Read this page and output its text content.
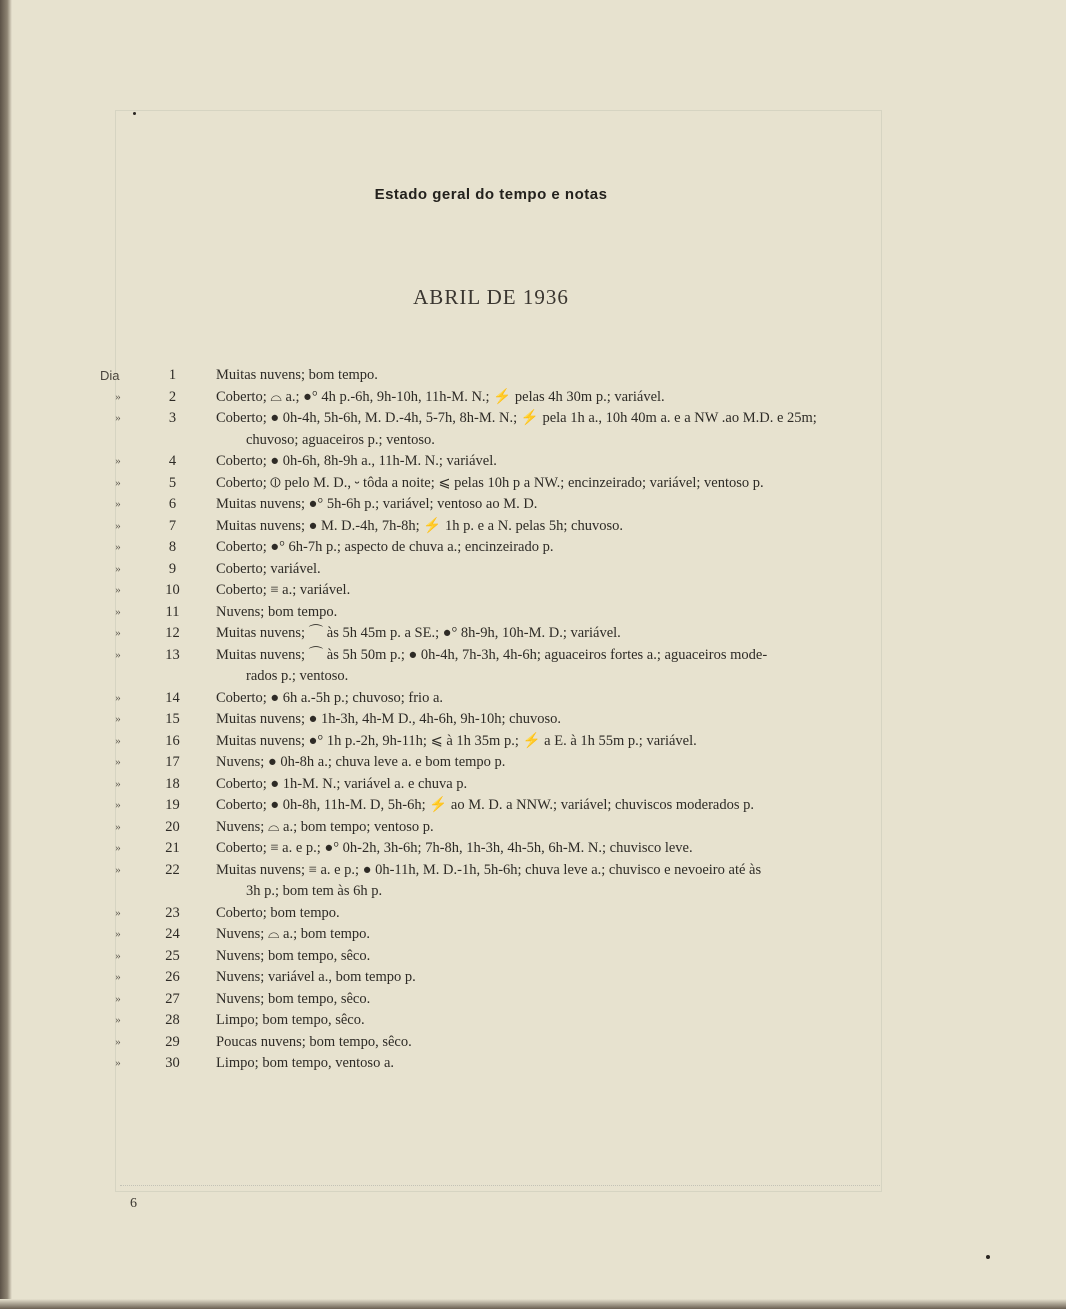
Estado geral do tempo e notas
ABRIL DE 1936
Dia	1	Muitas nuvens; bom tempo.
»	2	Coberto; ⌓ a.; ●° 4h p.-6h, 9h-10h, 11h-M. N.; ⚡ pelas 4h 30m p.; variável.
»	3	Coberto; ● 0h-4h, 5h-6h, M. D.-4h, 5-7h, 8h-M. N.; ⚡ pela 1h a., 10h 40m a. e a NW .ao M.D. e 25m;
chuvoso; aguaceiros p.; ventoso.
»	4	Coberto; ● 0h-6h, 8h-9h a., 11h-M. N.; variável.
»	5	Coberto; ⦶ pelo M. D., ⏑ tôda a noite; ⩽ pelas 10h p a NW.; encinzeirado; variável; ventoso p.
»	6	Muitas nuvens; ●° 5h-6h p.; variável; ventoso ao M. D.
»	7	Muitas nuvens; ● M. D.-4h, 7h-8h; ⚡ 1h p. e a N. pelas 5h; chuvoso.
»	8	Coberto; ●° 6h-7h p.; aspecto de chuva a.; encinzeirado p.
»	9	Coberto; variável.
»	10	Coberto; ≡ a.; variável.
»	11	Nuvens; bom tempo.
»	12	Muitas nuvens; ⌒ às 5h 45m p. a SE.; ●° 8h-9h, 10h-M. D.; variável.
»	13	Muitas nuvens; ⌒ às 5h 50m p.; ● 0h-4h, 7h-3h, 4h-6h; aguaceiros fortes a.; aguaceiros mode-
rados p.; ventoso.
»	14	Coberto; ● 6h a.-5h p.; chuvoso; frio a.
»	15	Muitas nuvens; ● 1h-3h, 4h-M D., 4h-6h, 9h-10h; chuvoso.
»	16	Muitas nuvens; ●° 1h p.-2h, 9h-11h; ⩽ à 1h 35m p.; ⚡ a E. à 1h 55m p.; variável.
»	17	Nuvens; ● 0h-8h a.; chuva leve a. e bom tempo p.
»	18	Coberto; ● 1h-M. N.; variável a. e chuva p.
»	19	Coberto; ● 0h-8h, 11h-M. D, 5h-6h; ⚡ ao M. D. a NNW.; variável; chuviscos moderados p.
»	20	Nuvens; ⌓ a.; bom tempo; ventoso p.
»	21	Coberto; ≡ a. e p.; ●° 0h-2h, 3h-6h; 7h-8h, 1h-3h, 4h-5h, 6h-M. N.; chuvisco leve.
»	22	Muitas nuvens; ≡ a. e p.; ● 0h-11h, M. D.-1h, 5h-6h; chuva leve a.; chuvisco e nevoeiro até às
3h p.; bom tem às 6h p.
»	23	Coberto; bom tempo.
»	24	Nuvens; ⌓ a.; bom tempo.
»	25	Nuvens; bom tempo, sêco.
»	26	Nuvens; variável a., bom tempo p.
»	27	Nuvens; bom tempo, sêco.
»	28	Limpo; bom tempo, sêco.
»	29	Poucas nuvens; bom tempo, sêco.
»	30	Limpo; bom tempo, ventoso a.
6
